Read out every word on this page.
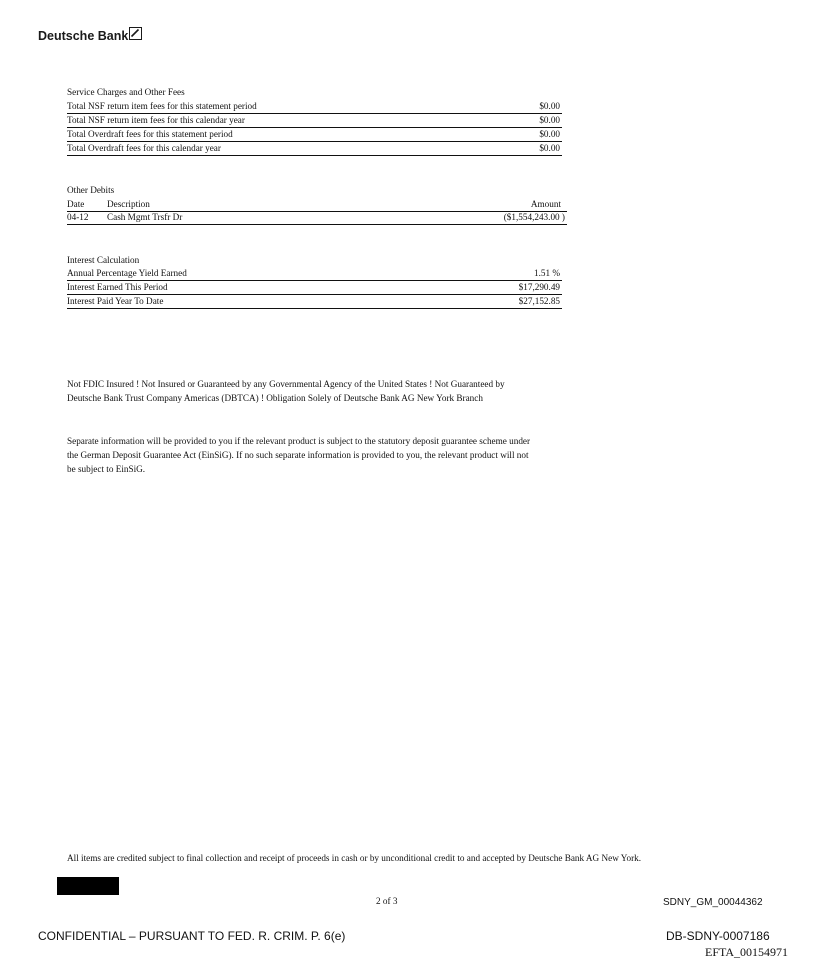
Deutsche Bank
Service Charges and Other Fees
Total NSF return item fees for this statement period	$0.00
Total NSF return item fees for this calendar year	$0.00
Total Overdraft fees for this statement period	$0.00
Total Overdraft fees for this calendar year	$0.00
Other Debits
Date Description	Amount
04-12 Cash Mgmt Trsfr Dr	($1,554,243.00 )
Interest Calculation
Annual Percentage Yield Earned	1.51 %
Interest Earned This Period	$17,290.49
Interest Paid Year To Date	$27,152.85
Not FDIC Insured ! Not Insured or Guaranteed by any Governmental Agency of the United States ! Not Guaranteed by Deutsche Bank Trust Company Americas (DBTCA) ! Obligation Solely of Deutsche Bank AG New York Branch
Separate information will be provided to you if the relevant product is subject to the statutory deposit guarantee scheme under the German Deposit Guarantee Act (EinSiG). If no such separate information is provided to you, the relevant product will not be subject to EinSiG.
All items are credited subject to final collection and receipt of proceeds in cash or by unconditional credit to and accepted by Deutsche Bank AG New York.
2 of 3	SDNY_GM_00044362
CONFIDENTIAL – PURSUANT TO FED. R. CRIM. P. 6(e)	DB-SDNY-0007186
EFTA_00154971
